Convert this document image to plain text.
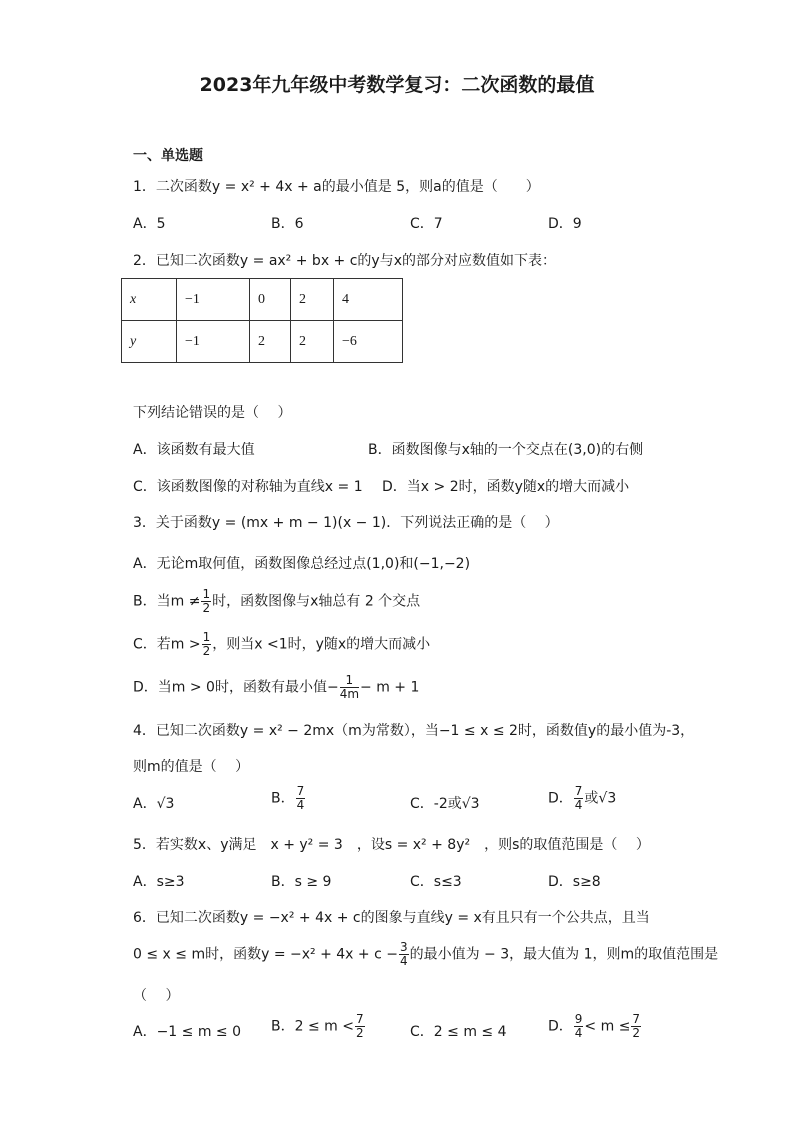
2023年九年级中考数学复习：二次函数的最值
一、单选题
1．二次函数y = x² + 4x + a的最小值是 5，则a的值是（　　）
A．5	B．6	C．7	D．9
2．已知二次函数y = ax² + bx + c的y与x的部分对应数值如下表：
x	−1	0	2	4
y	−1	2	2	−6
下列结论错误的是（　 ）
A．该函数有最大值	B．函数图像与x轴的一个交点在(3,0)的右侧
C．该函数图像的对称轴为直线x = 1 D．当x > 2时，函数y随x的增大而减小
3．关于函数y = (mx + m − 1)(x − 1)．下列说法正确的是（　 ）
A．无论m取何值，函数图像总经过点(1,0)和(−1,−2)
B．当$m \ne \frac{1}{2}$ 时，函数图像与x轴总有 2 个交点
C．若$m > \frac{1}{2}$ ，则当x <1时，y随x的增大而减小
D．当m > 0时，函数有最小值− $\frac{1}{4m} - m + 1$
4．已知二次函数y = x² − 2mx（m为常数），当−1 ≤ x ≤ 2时，函数值y的最小值为-3，
则m的值是（　 ）
A．√3	B． $\frac{7}{4}$	C．-2或√3	D． $\frac{7}{4}$ 或√3
5．若实数x、y满足　x + y² = 3　，设s = x² + 8y²　，则s的取值范围是（　 ）
A．s≥3	B．s ≥ 9	C．s≤3	D．s≥8
6．已知二次函数y = −x² + 4x + c的图象与直线y = x有且只有一个公共点，且当
0 ≤ x ≤ m时，函数$y = -x^2 + 4x + c - \frac{3}{4}$ 的最小值为 − 3，最大值为 1，则m的取值范围是
（　 ）
A．−1 ≤ m ≤ 0 B．$2 \le m < \frac{7}{2}$	C．2 ≤ m ≤ 4	D． $\frac{9}{4} < m \le \frac{7}{2}$
